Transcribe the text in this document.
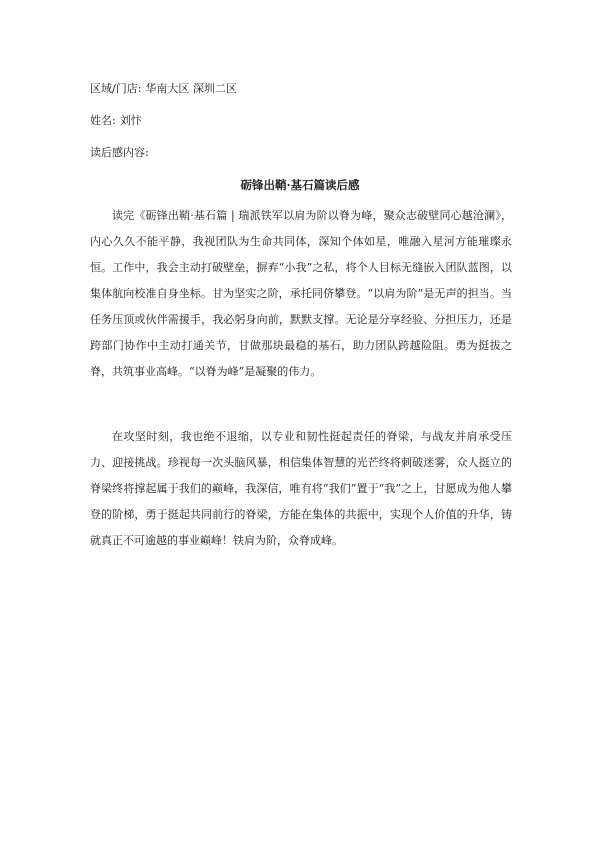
区域/门店: 华南大区 深圳二区
姓名: 刘忭
读后感内容:
砺锋出鞘·基石篇读后感

读完《砺锋出鞘·基石篇 | 瑞派铁军以肩为阶以脊为峰，聚众志破壁同心越沧澜》，内心久久不能平静，我视团队为生命共同体，深知个体如星，唯融入星河方能璀璨永恒。工作中，我会主动打破壁垒，摒弃“小我”之私，将个人目标无缝嵌入团队蓝图，以集体航向校准自身坐标。甘为坚实之阶，承托同侪攀登。“以肩为阶”是无声的担当。当任务压顶或伙伴需援手，我必躬身向前，默默支撑。无论是分享经验、分担压力，还是跨部门协作中主动打通关节，甘做那块最稳的基石，助力团队跨越险阻。勇为挺拔之脊，共筑事业高峰。“以脊为峰”是凝聚的伟力。

在攻坚时刻，我也绝不退缩，以专业和韧性挺起责任的脊梁，与战友并肩承受压力、迎接挑战。珍视每一次头脑风暴，相信集体智慧的光芒终将刺破迷雾，众人挺立的脊梁终将撑起属于我们的巅峰，我深信，唯有将“我们”置于“我”之上，甘愿成为他人攀登的阶梯，勇于挺起共同前行的脊梁，方能在集体的共振中，实现个人价值的升华，铸就真正不可逾越的事业巅峰！铁肩为阶，众脊成峰。
